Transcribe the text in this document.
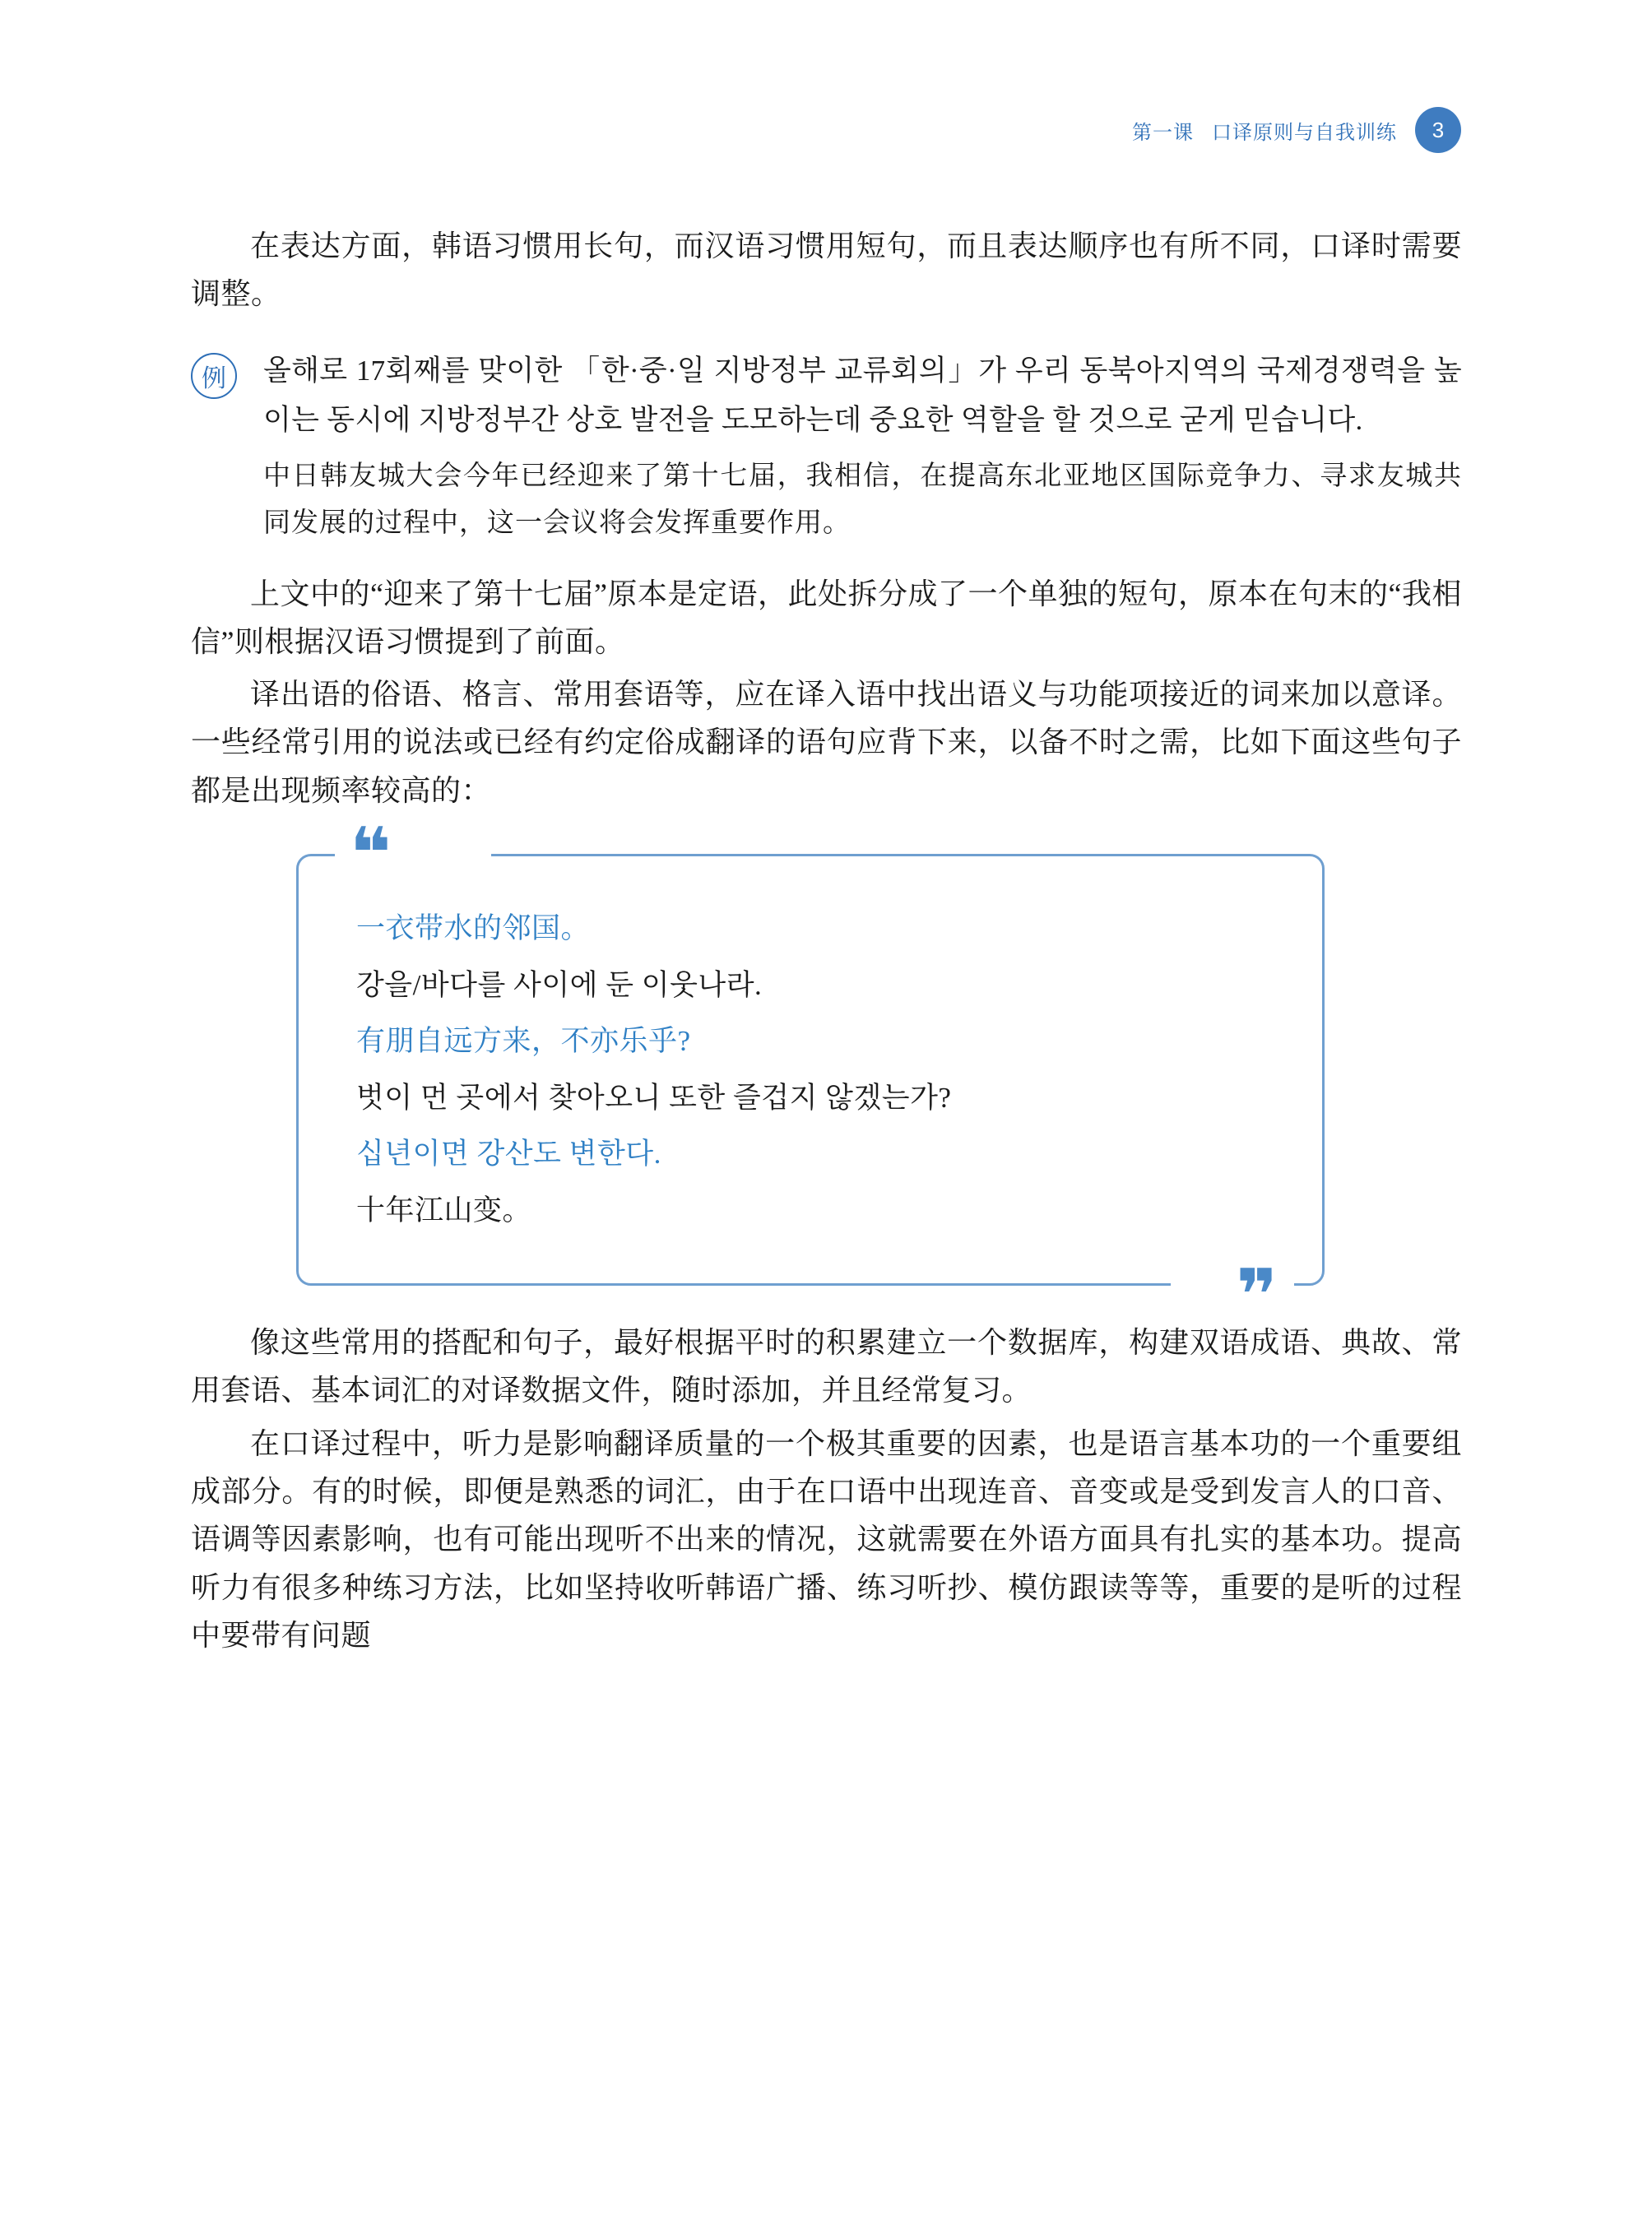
第一课 口译原则与自我训练	3

在表达方面，韩语习惯用长句，而汉语习惯用短句，而且表达顺序也有所不同，口译时需要调整。

例	올해로 17회째를 맞이한 「한·중·일 지방정부 교류회의」가 우리 동북아지역의 국제경쟁력을 높이는 동시에 지방정부간 상호 발전을 도모하는데 중요한 역할을 할 것으로 굳게 믿습니다.

中日韩友城大会今年已经迎来了第十七届，我相信，在提高东北亚地区国际竞争力、寻求友城共同发展的过程中，这一会议将会发挥重要作用。

上文中的“迎来了第十七届”原本是定语，此处拆分成了一个单独的短句，原本在句末的“我相信”则根据汉语习惯提到了前面。

译出语的俗语、格言、常用套语等，应在译入语中找出语义与功能项接近的词来加以意译。一些经常引用的说法或已经有约定俗成翻译的语句应背下来，以备不时之需，比如下面这些句子都是出现频率较高的：

❝

一衣带水的邻国。

강을/바다를 사이에 둔 이웃나라.

有朋自远方来，不亦乐乎?

벗이 먼 곳에서 찾아오니 또한 즐겁지 않겠는가?

십년이면 강산도 변한다.

十年江山变。

❞

像这些常用的搭配和句子，最好根据平时的积累建立一个数据库，构建双语成语、典故、常用套语、基本词汇的对译数据文件，随时添加，并且经常复习。

在口译过程中，听力是影响翻译质量的一个极其重要的因素，也是语言基本功的一个重要组成部分。有的时候，即便是熟悉的词汇，由于在口语中出现连音、音变或是受到发言人的口音、语调等因素影响，也有可能出现听不出来的情况，这就需要在外语方面具有扎实的基本功。提高听力有很多种练习方法，比如坚持收听韩语广播、练习听抄、模仿跟读等等，重要的是听的过程中要带有问题
